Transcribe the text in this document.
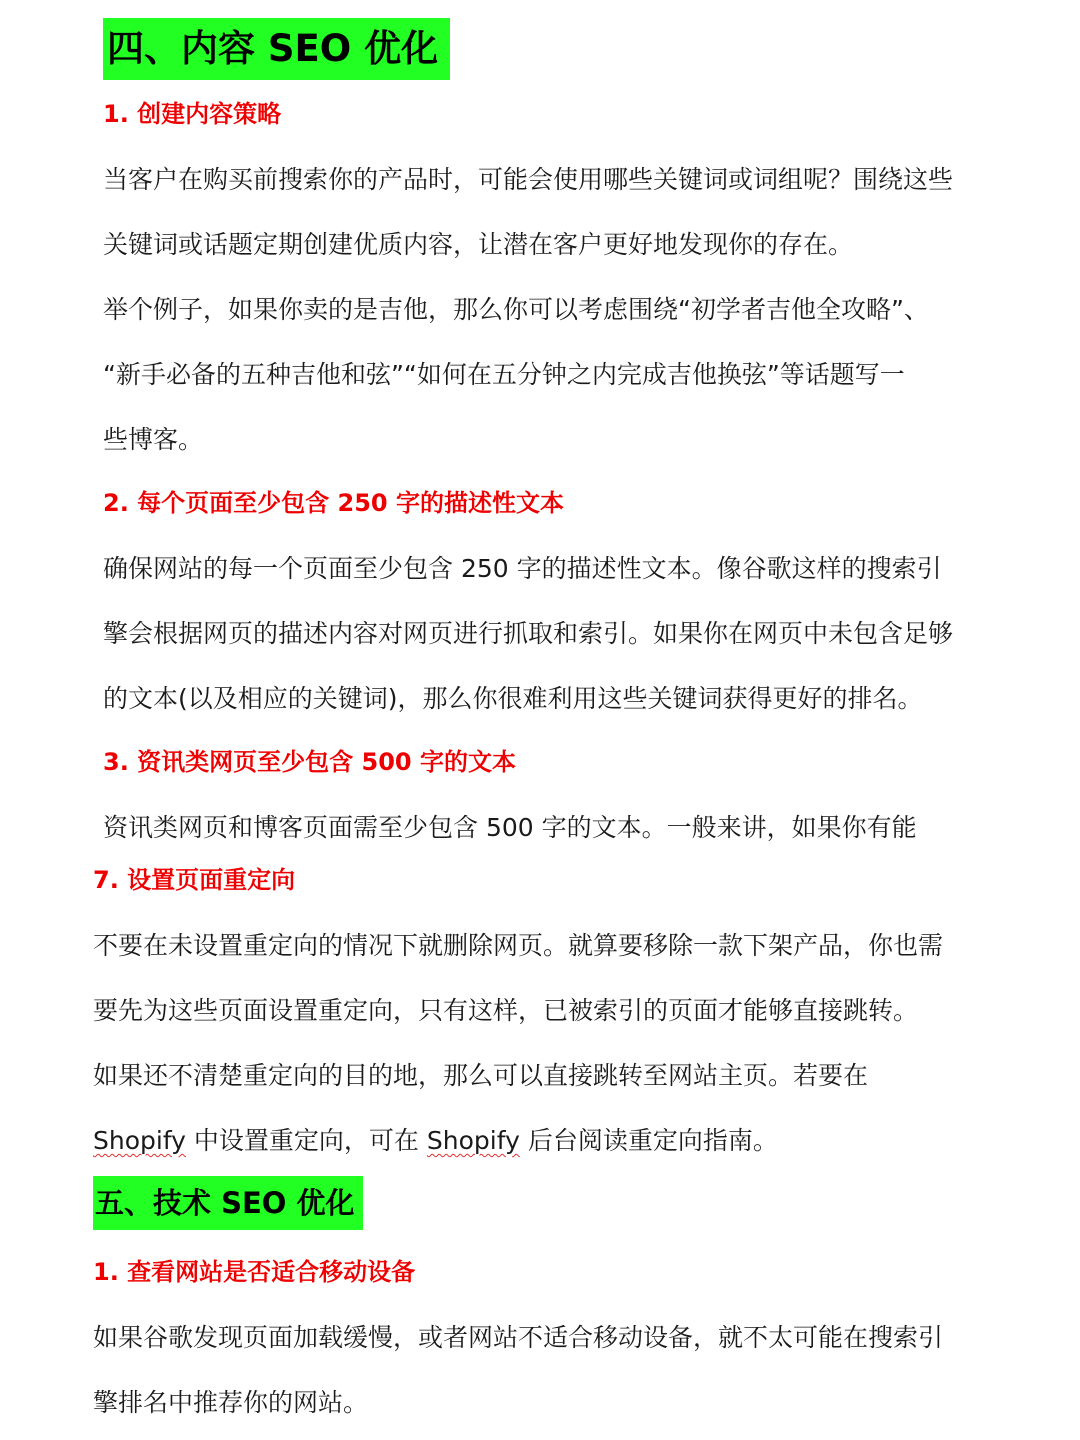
四、内容 SEO 优化
1. 创建内容策略
当客户在购买前搜索你的产品时，可能会使用哪些关键词或词组呢？围绕这些
关键词或话题定期创建优质内容，让潜在客户更好地发现你的存在。
举个例子，如果你卖的是吉他，那么你可以考虑围绕“初学者吉他全攻略”、
“新手必备的五种吉他和弦”“如何在五分钟之内完成吉他换弦”等话题写一
些博客。
2. 每个页面至少包含 250 字的描述性文本
确保网站的每一个页面至少包含 250 字的描述性文本。像谷歌这样的搜索引
擎会根据网页的描述内容对网页进行抓取和索引。如果你在网页中未包含足够
的文本(以及相应的关键词)，那么你很难利用这些关键词获得更好的排名。
3. 资讯类网页至少包含 500 字的文本
资讯类网页和博客页面需至少包含 500 字的文本。一般来讲，如果你有能
7. 设置页面重定向
不要在未设置重定向的情况下就删除网页。就算要移除一款下架产品，你也需
要先为这些页面设置重定向，只有这样，已被索引的页面才能够直接跳转。
如果还不清楚重定向的目的地，那么可以直接跳转至网站主页。若要在
Shopify 中设置重定向，可在 Shopify 后台阅读重定向指南。
五、技术 SEO 优化
1. 查看网站是否适合移动设备
如果谷歌发现页面加载缓慢，或者网站不适合移动设备，就不太可能在搜索引
擎排名中推荐你的网站。
